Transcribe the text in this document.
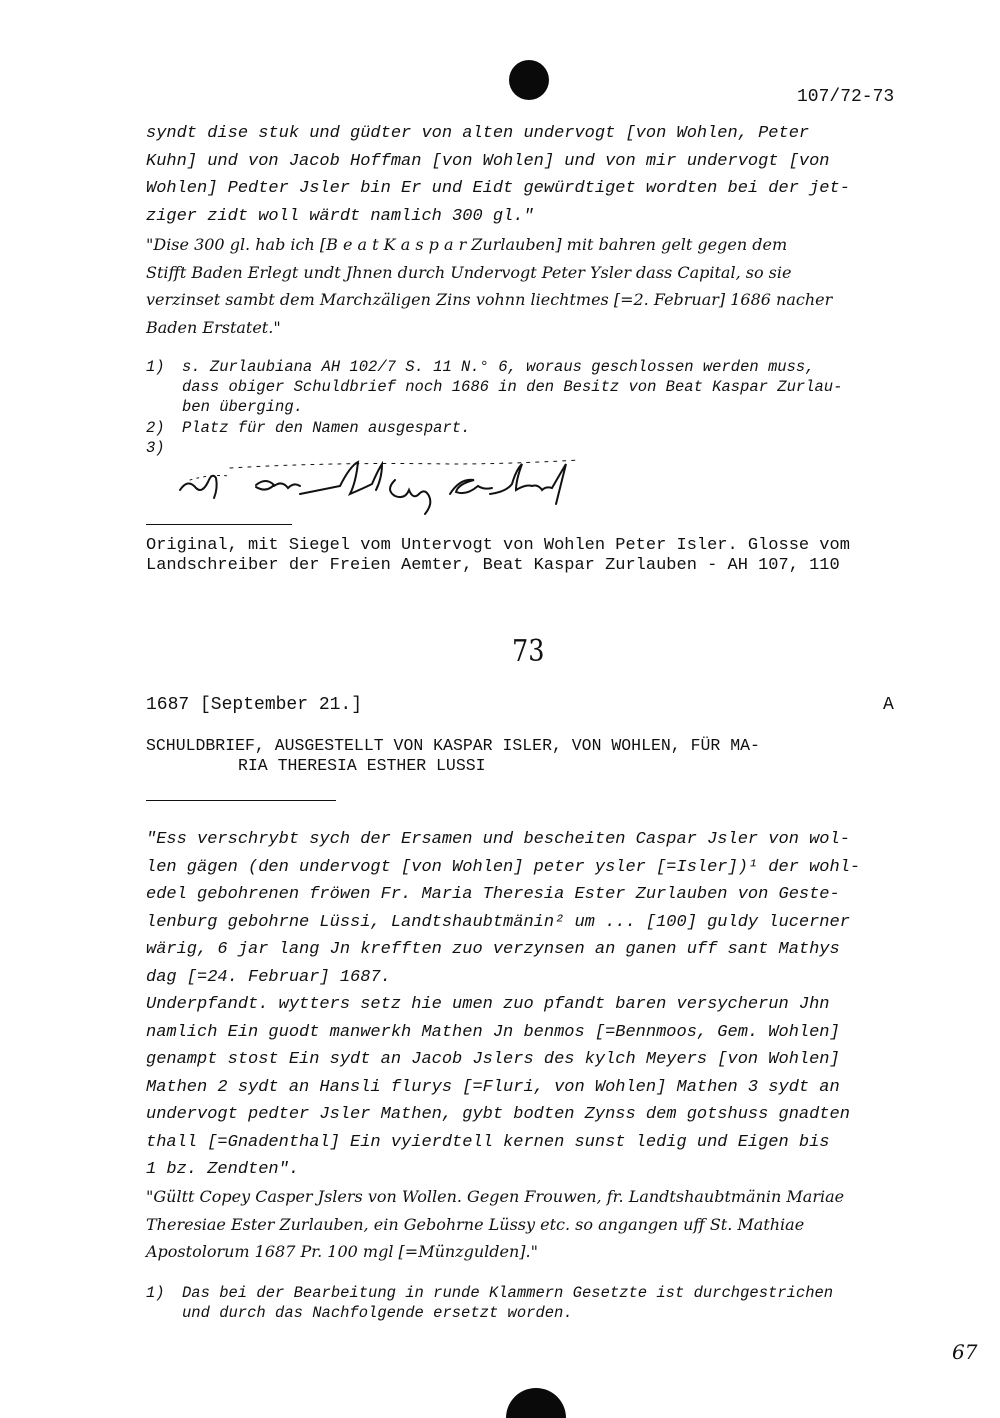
107/72-73
syndt dise stuk und güdter von alten undervogt [von Wohlen, Peter
Kuhn] und von Jacob Hoffman [von Wohlen] und von mir undervogt [von
Wohlen] Pedter Jsler bin Er und Eidt gewürdtiget wordten bei der jet-
ziger zidt woll wärdt namlich 300 gl."
"Dise 300 gl. hab ich [B e a t K a s p a r Zurlauben] mit bahren gelt gegen dem
Stifft Baden Erlegt undt Jhnen durch Undervogt Peter Ysler dass Capital, so sie
verzinset sambt dem Marchzäligen Zins vohnn liechtmes [=2. Februar] 1686 nacher
Baden Erstatet."
1) s. Zurlaubiana AH 102/7 S. 11 N.° 6, woraus geschlossen werden muss,
dass obiger Schuldbrief noch 1686 in den Besitz von Beat Kaspar Zurlau-
ben überging.
2) Platz für den Namen ausgespart.
3)
Original, mit Siegel vom Untervogt von Wohlen Peter Isler. Glosse vom
Landschreiber der Freien Aemter, Beat Kaspar Zurlauben - AH 107, 110
73
1687 [September 21.]	A
SCHULDBRIEF, AUSGESTELLT VON KASPAR ISLER, VON WOHLEN, FÜR MA-
RIA THERESIA ESTHER LUSSI
"Ess verschrybt sych der Ersamen und bescheiten Caspar Jsler von wol-
len gägen (den undervogt [von Wohlen] peter ysler [=Isler])¹ der wohl-
edel gebohrenen fröwen Fr. Maria Theresia Ester Zurlauben von Geste-
lenburg gebohrne Lüssi, Landtshaubtmänin² um ... [100] guldy lucerner
wärig, 6 jar lang Jn krefften zuo verzynsen an ganen uff sant Mathys
dag [=24. Februar] 1687.
Underpfandt. wytters setz hie umen zuo pfandt baren versycherun Jhn
namlich Ein guodt manwerkh Mathen Jn benmos [=Bennmoos, Gem. Wohlen]
genampt stost Ein sydt an Jacob Jslers des kylch Meyers [von Wohlen]
Mathen 2 sydt an Hansli flurys [=Fluri, von Wohlen] Mathen 3 sydt an
undervogt pedter Jsler Mathen, gybt bodten Zynss dem gotshuss gnadten
thall [=Gnadenthal] Ein vyierdtell kernen sunst ledig und Eigen bis
1 bz. Zendten".
"Gültt Copey Casper Jslers von Wollen. Gegen Frouwen, fr. Landtshaubtmänin Mariae
Theresiae Ester Zurlauben, ein Gebohrne Lüssy etc. so angangen uff St. Mathiae
Apostolorum 1687 Pr. 100 mgl [=Münzgulden]."
1) Das bei der Bearbeitung in runde Klammern Gesetzte ist durchgestrichen
und durch das Nachfolgende ersetzt worden.
67
